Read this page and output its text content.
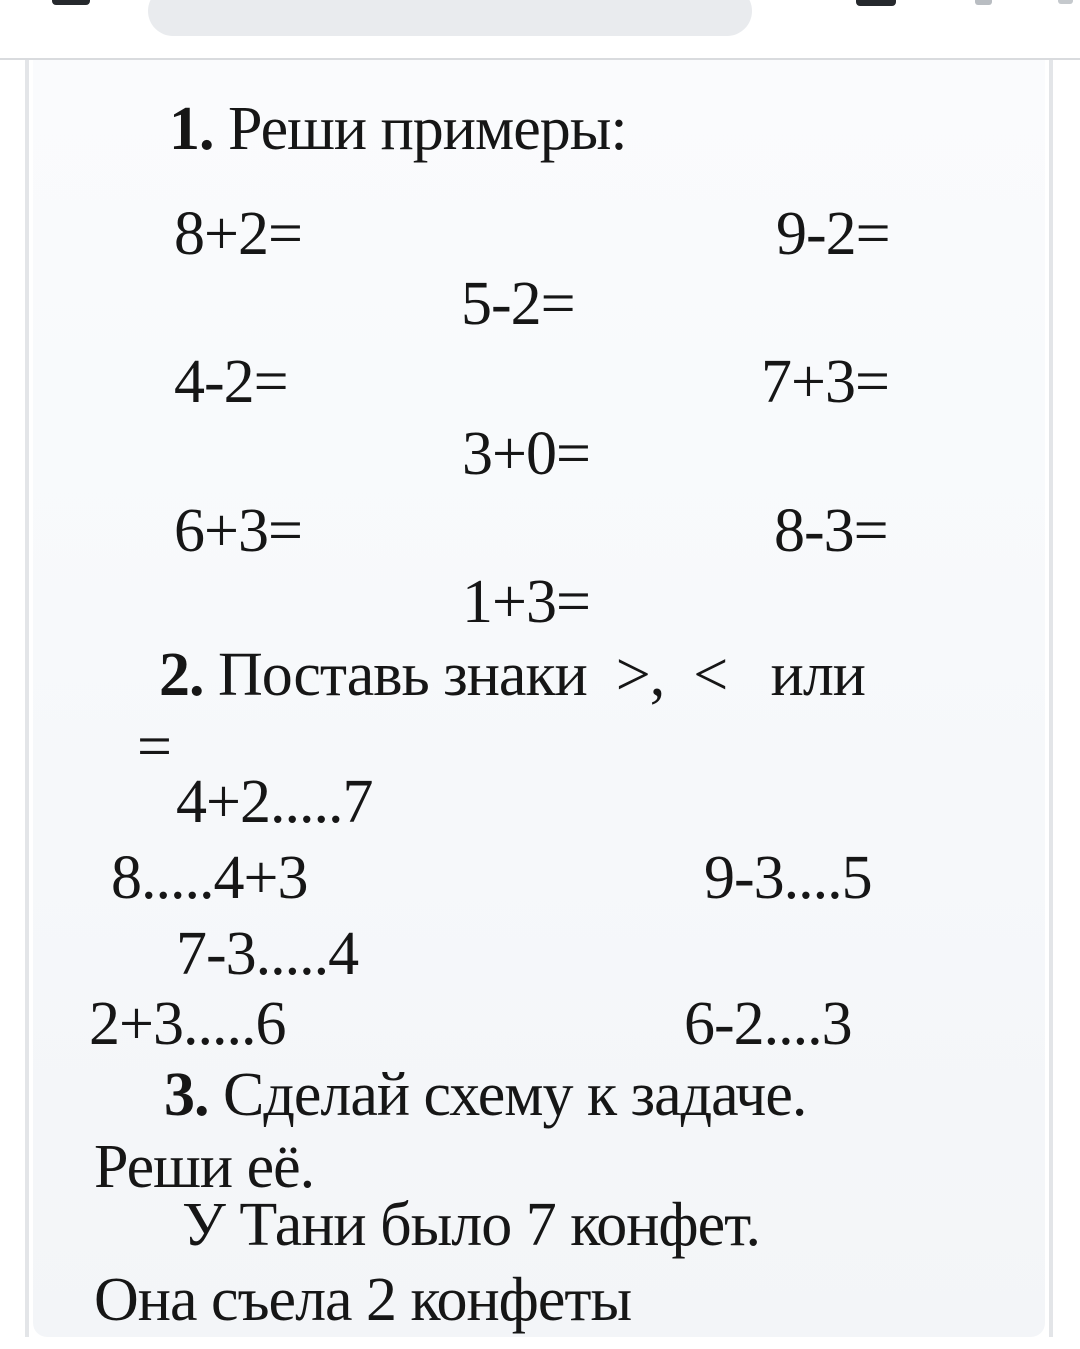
1. Реши примеры:
8+2=	9-2=
5-2=
4-2=	7+3=
3+0=
6+3=	8-3=
1+3=
2. Поставь знаки  >,  <   или
=
4+2.....7
8.....4+3	9-3....5
7-3.....4
2+3.....6	6-2....3
3. Сделай схему к задаче.
Реши её.
У Тани было 7 конфет.
Она съела 2 конфеты
